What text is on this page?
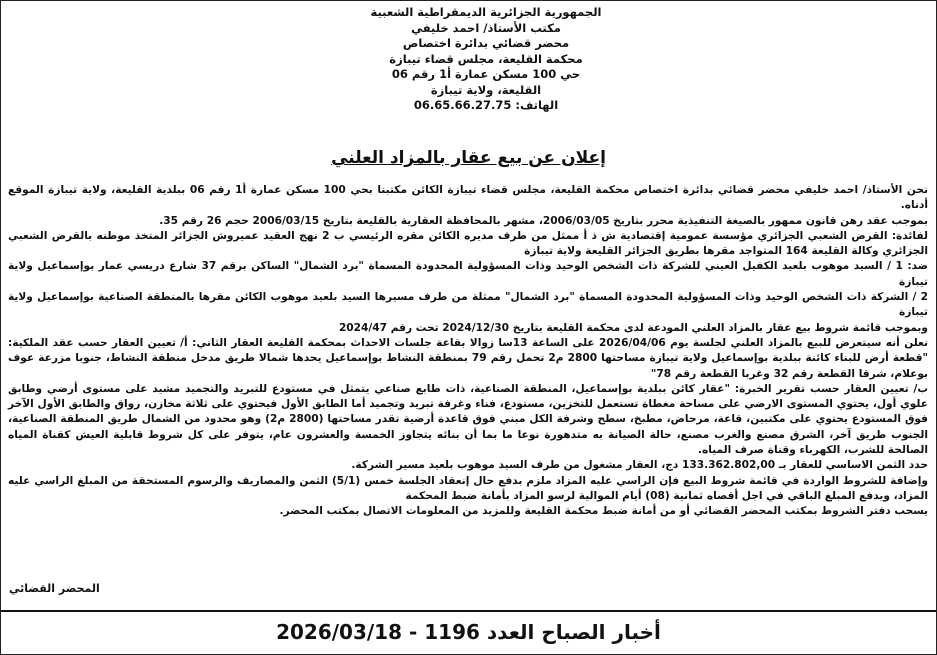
الجمهورية الجزائرية الديمقراطية الشعبية
مكتب الأستاذ/ احمد خليفي
محضر قضائي بدائرة اختصاص
محكمة القليعة، مجلس قضاء تيبازة
حي 100 مسكن عمارة أ1 رقم 06
القليعة، ولاية تيبازة
الهاتف: 06.65.66.27.75
إعلان عن بيع عقار بالمزاد العلني

نحن الأستاذ/ احمد خليفي محضر قضائي بدائرة اختصاص محكمة القليعة، مجلس قضاء تيبازة الكائن مكتبنا بحي 100 مسكن عمارة أ1 رقم 06 ببلدية القليعة، ولاية تيبازة الموقع أدناه.

بموجب عقد رهن قانون ممهور بالصيغة التنفيذية محرر بتاريخ 2006/03/05، مشهر بالمحافظة العقارية بالقليعة بتاريخ 2006/03/15 حجم 26 رقم 35.

لفائدة: القرض الشعبي الجزائري مؤسسة عمومية إقتصادية ش ذ أ ممثل من طرف مديره الكائن مقره الرئيسي ب 2 نهج العقيد عميروش الجزائر المتخذ موطنه بالقرض الشعبي الجزائري وكالة القليعة 164 المتواجد مقرها بطريق الجزائر القليعة ولاية تيبازة

ضد: 1 / السيد موهوب بلعيد الكفيل العيني للشركة ذات الشخص الوحيد وذات المسؤولية المحدودة المسماة "برد الشمال" الساكن برقم 37 شارع دريسي عمار بوإسماعيل ولاية تيبازة

2 / الشركة ذات الشخص الوحيد وذات المسؤولية المحدودة المسماة "برد الشمال" ممثلة من طرف مسيرها السيد بلعيد موهوب الكائن مقرها بالمنطقة الصناعية بوإسماعيل ولاية تيبازة

وبموجب قائمة شروط بيع عقار بالمزاد العلني المودعة لدى محكمة القليعة بتاريخ 2024/12/30 تحت رقم 2024/47

نعلن أنه سيتعرض للبيع بالمزاد العلني لجلسة يوم 2026/04/06 على الساعة 13سا زوالا بقاعة جلسات الاحداث بمحكمة القليعة العقار الثاني: أ/ تعيين العقار حسب عقد الملكية: "قطعة أرض للبناء كائنة ببلدية بوإسماعيل ولاية تيبازة مساحتها 2800 م2 تحمل رقم 79 بمنطقة النشاط بوإسماعيل يحدها شمالا طريق مدخل منطقة النشاط، جنوبا مزرعة عوف بوعلام، شرقا القطعة رقم 32 وغربا القطعة رقم 78"

ب/ تعيين العقار حسب تقرير الخبرة: "عقار كائن ببلدية بوإسماعيل، المنطقة الصناعية، ذات طابع صناعي يتمثل في مستودع للتبريد والتجميد مشيد على مستوى أرضي وطابق علوي أول، يحتوي المستوى الارضي على مساحة مغطاة تستعمل للتخزين، مستودع، فناء وغرفة تبريد وتجميد أما الطابق الأول فيحتوي على ثلاثة مخازن، رواق والطابق الأول الآخر فوق المستودع يحتوي على مكتبين، قاعة، مرحاض، مطبخ، سطح وشرفة الكل مبني فوق قاعدة أرضية تقدر مساحتها (2800 م2) وهو محدود من الشمال طريق المنطقة الصناعية، الجنوب طريق آخر، الشرق مصنع والغرب مصنع، حالة الصيانة به متدهورة نوعا ما بما أن بنائه يتجاوز الخمسة والعشرون عام، يتوفر على كل شروط قابلية العيش كقناة المياه الصالحة للشرب، الكهرباء وقناة صرف المياه.

حدد الثمن الاساسي للعقار بـ 133.362.802,00 دج، العقار مشغول من طرف السيد موهوب بلعيد مسير الشركة.

وإضافة للشروط الواردة في قائمة شروط البيع فإن الراسي عليه المزاد ملزم بدفع حال إنعقاد الجلسة خمس (5/1) الثمن والمصاريف والرسوم المستحقة من المبلغ الراسي عليه المزاد، ويدفع المبلغ الباقي في اجل أقصاه ثمانية (08) أيام الموالية لرسو المزاد بأمانة ضبط المحكمة

يسحب دفتر الشروط بمكتب المحضر القضائي أو من أمانة ضبط محكمة القليعة وللمزيد من المعلومات الاتصال بمكتب المحضر.

المحضر القضائي
أخبار الصباح العدد 1196 - 2026/03/18
